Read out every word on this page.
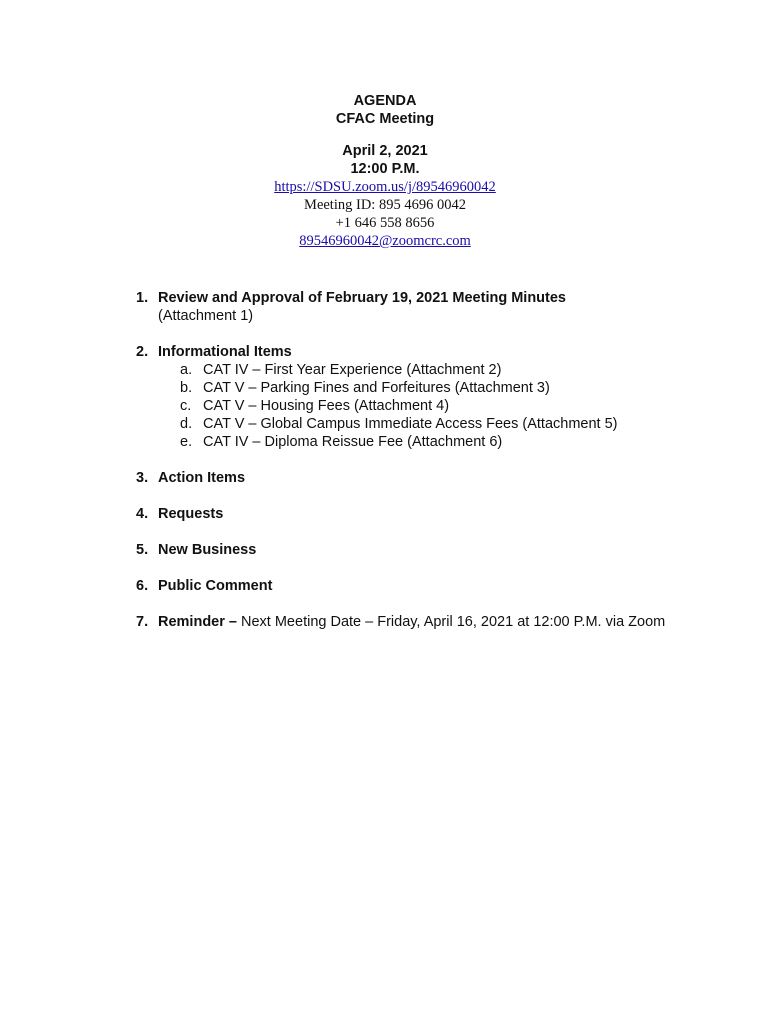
AGENDA
CFAC Meeting
April 2, 2021
12:00 P.M.
https://SDSU.zoom.us/j/89546960042
Meeting ID: 895 4696 0042
+1 646 558 8656
89546960042@zoomcrc.com
1. Review and Approval of February 19, 2021 Meeting Minutes
(Attachment 1)
2. Informational Items
a. CAT IV – First Year Experience (Attachment 2)
b. CAT V – Parking Fines and Forfeitures (Attachment 3)
c. CAT V – Housing Fees (Attachment 4)
d. CAT V – Global Campus Immediate Access Fees (Attachment 5)
e. CAT IV – Diploma Reissue Fee (Attachment 6)
3. Action Items
4. Requests
5. New Business
6. Public Comment
7. Reminder – Next Meeting Date – Friday, April 16, 2021 at 12:00 P.M. via Zoom
